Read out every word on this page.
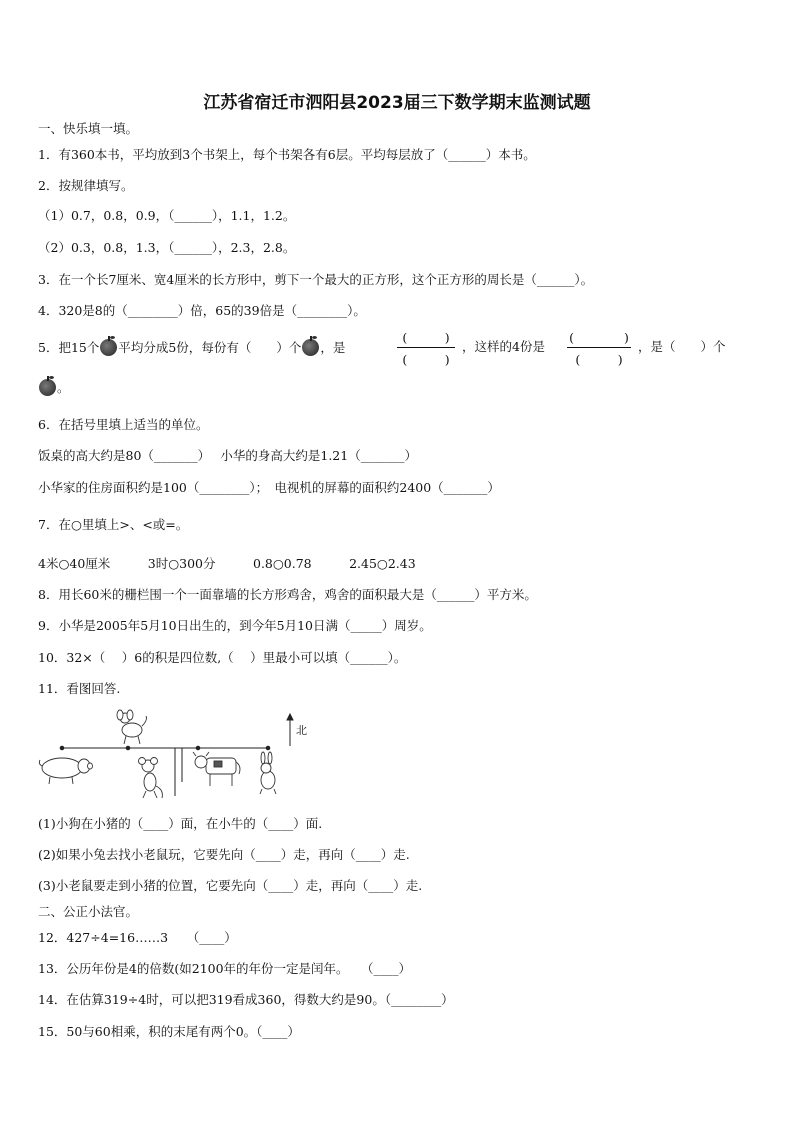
江苏省宿迁市泗阳县2023届三下数学期末监测试题
一、快乐填一填。
1．有360本书，平均放到3个书架上，每个书架各有6层。平均每层放了（______）本书。
2．按规律填写。
（1）0.7，0.8，0.9，（______），1.1，1.2。
（2）0.3，0.8，1.3，（______），2.3，2.8。
3．在一个长7厘米、宽4厘米的长方形中，剪下一个最大的正方形，这个正方形的周长是（______）。
4．320是8的（________）倍，65的39倍是（________）。
5．把15个 平均分成5份，每份有（　　）个 ，是
(　　　)
(　　　)
，这样的4份是
(　　　　)
(　　　)
，是（　　）个
。
6．在括号里填上适当的单位。
饭桌的高大约是80（_______）　 小华的身高大约是1.21（_______）
小华家的住房面积约是100（________）；　电视机的屏幕的面积约2400（_______）
7．在○里填上>、<或=。
4米○40厘米　　　3时○300分　　　0.8○0.78　　　2.45○2.43
8．用长60米的栅栏围一个一面靠墙的长方形鸡舍，鸡舍的面积最大是（______）平方米。
9．小华是2005年5月10日出生的，到今年5月10日满（_____）周岁。
10．32×（　 ）6的积是四位数,（　 ）里最小可以填（______）。
11．看图回答.
北
(1)小狗在小猪的（____）面，在小牛的（____）面.
(2)如果小兔去找小老鼠玩，它要先向（____）走，再向（____）走.
(3)小老鼠要走到小猪的位置，它要先向（____）走，再向（____）走.
二、公正小法官。
12．427÷4=16……3　　（____）
13．公历年份是4的倍数(如2100年的年份一定是闰年。　　（____）
14．在估算319÷4时，可以把319看成360，得数大约是90。（________）
15．50与60相乘，积的末尾有两个0。（____）
